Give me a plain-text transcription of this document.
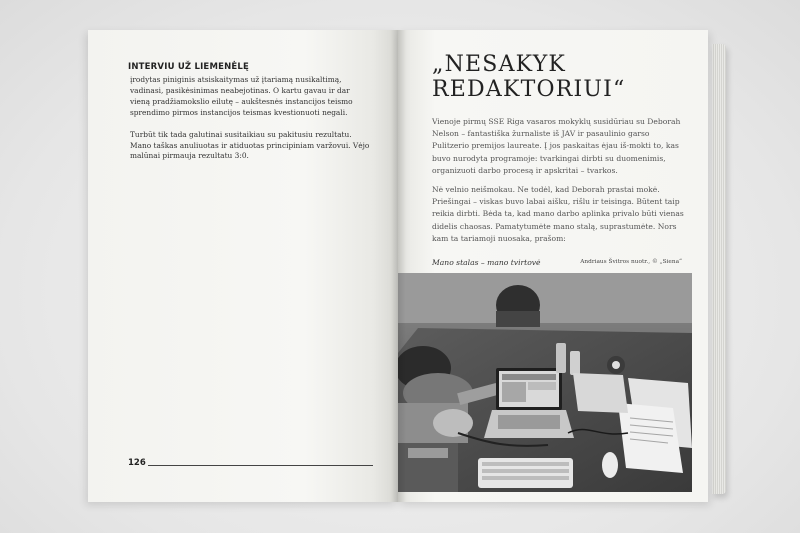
INTERVIU UŽ LIEMENĖLĘ

įrodytas piniginis atsiskaitymas už įtariamą nusikaltimą, vadinasi, pasikėsinimas neabejotinas. O kartu gavau ir dar vieną pradžiamokslio eilutę – aukštesnės instancijos teismo sprendimo pirmos instancijos teismas kvestionuoti negali.

Turbūt tik tada galutinai susitaikiau su pakitusiu rezultatu. Mano taškas anuliuotas ir atiduotas principiniam varžovui. Vėjo malūnai pirmauja rezultatu 3:0.

126
„NESAKYK
REDAKTORIUI“

Vienoje pirmų SSE Riga vasaros mokyklų susidūriau su Deborah Nelson – fantastiška žurnaliste iš JAV ir pasaulinio garso Pulitzerio premijos laureate. Į jos paskaitas ėjau iš-mokti to, kas buvo nurodyta programoje: tvarkingai dirbti su duomenimis, organizuoti darbo procesą ir apskritai – tvarkos.

Nė velnio neišmokau. Ne todėl, kad Deborah prastai mokė. Priešingai – viskas buvo labai aišku, rišlu ir teisinga. Būtent taip reikia dirbti. Bėda ta, kad mano darbo aplinka privalo būti vienas didelis chaosas. Pamatytumėte mano stalą, suprastumėte. Nors kam ta tariamoji nuosaka, prašom:

Mano stalas – mano tvirtovė	Andriaus Švitros nuotr., © „Siena“
